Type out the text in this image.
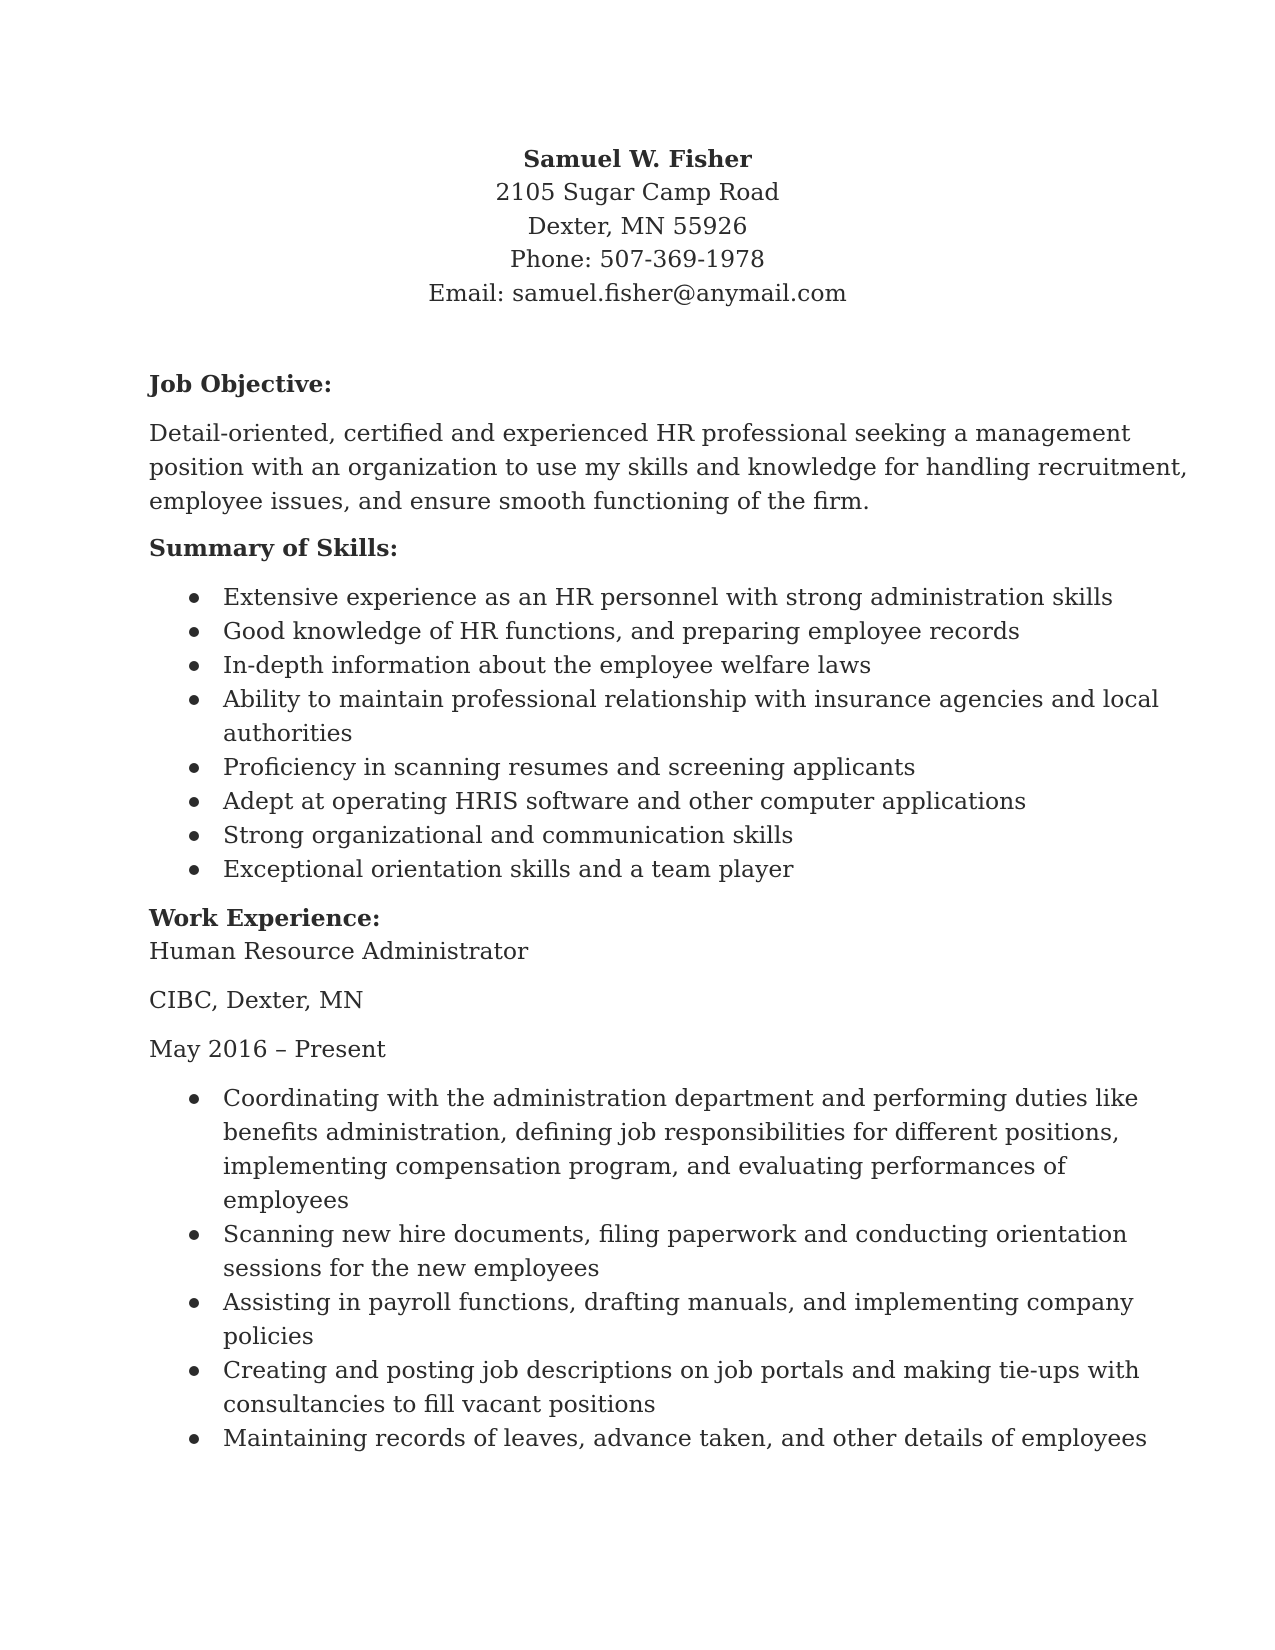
Samuel W. Fisher
2105 Sugar Camp Road
Dexter, MN 55926
Phone: 507-369-1978
Email: samuel.fisher@anymail.com

Job Objective:

Detail-oriented, certified and experienced HR professional seeking a management
position with an organization to use my skills and knowledge for handling recruitment,
employee issues, and ensure smooth functioning of the firm.

Summary of Skills:

Extensive experience as an HR personnel with strong administration skills
Good knowledge of HR functions, and preparing employee records
In-depth information about the employee welfare laws
Ability to maintain professional relationship with insurance agencies and local
authorities
Proficiency in scanning resumes and screening applicants
Adept at operating HRIS software and other computer applications
Strong organizational and communication skills
Exceptional orientation skills and a team player

Work Experience:

Human Resource Administrator

CIBC, Dexter, MN

May 2016 – Present

Coordinating with the administration department and performing duties like
benefits administration, defining job responsibilities for different positions,
implementing compensation program, and evaluating performances of
employees
Scanning new hire documents, filing paperwork and conducting orientation
sessions for the new employees
Assisting in payroll functions, drafting manuals, and implementing company
policies
Creating and posting job descriptions on job portals and making tie-ups with
consultancies to fill vacant positions
Maintaining records of leaves, advance taken, and other details of employees
